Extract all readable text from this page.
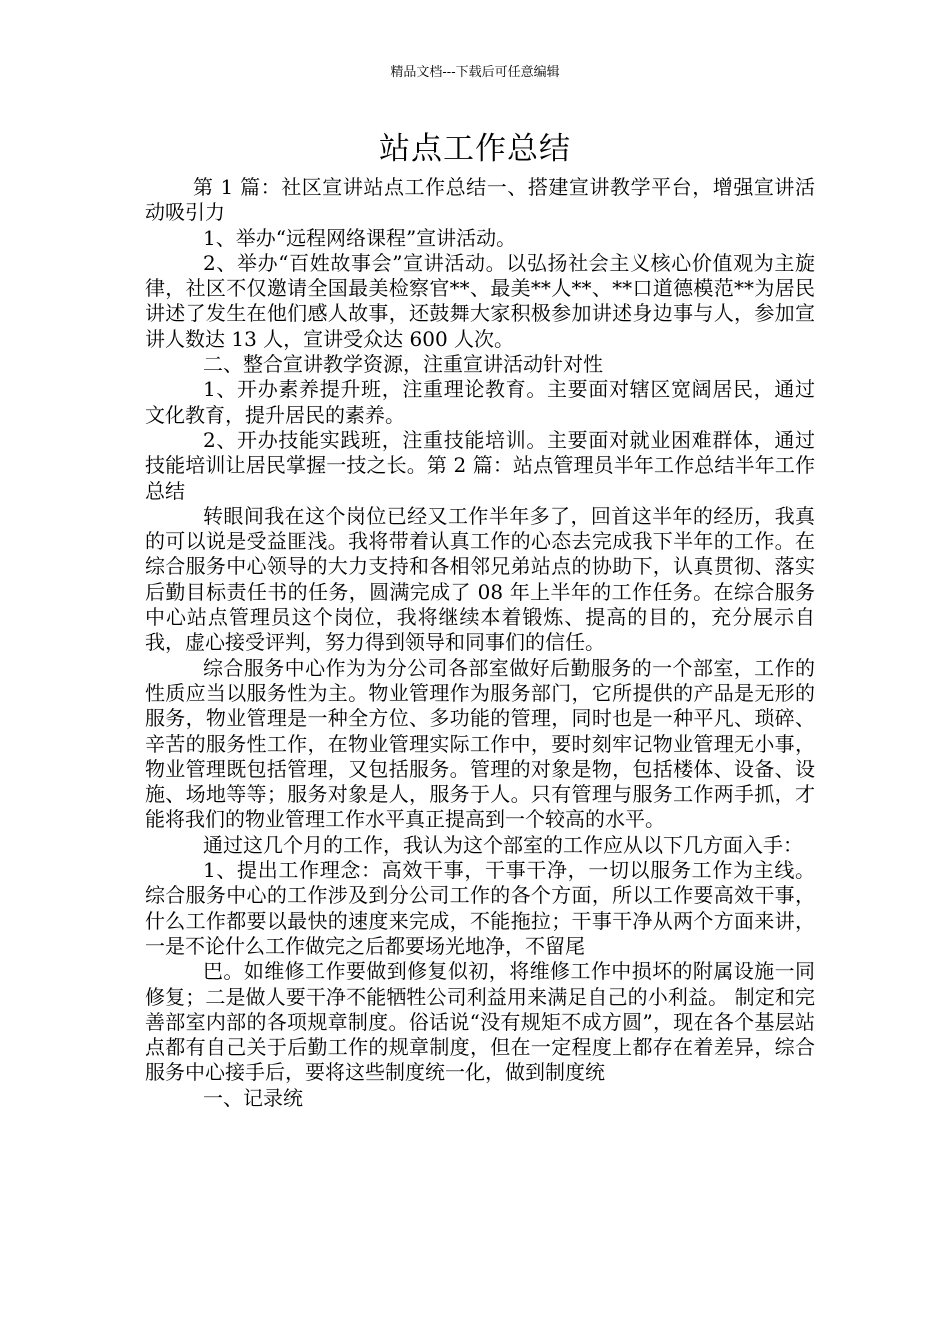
精品文档---下载后可任意编辑
站点工作总结

第 1 篇：社区宣讲站点工作总结一、搭建宣讲教学平台，增强宣讲活动吸引力

1、举办“远程网络课程”宣讲活动。

2、举办“百姓故事会”宣讲活动。以弘扬社会主义核心价值观为主旋律，社区不仅邀请全国最美检察官**、最美**人**、**口道德模范**为居民讲述了发生在他们感人故事，还鼓舞大家积极参加讲述身边事与人，参加宣讲人数达 13 人，宣讲受众达 600 人次。

二、整合宣讲教学资源，注重宣讲活动针对性

1、开办素养提升班，注重理论教育。主要面对辖区宽阔居民，通过文化教育，提升居民的素养。

2、开办技能实践班，注重技能培训。主要面对就业困难群体，通过技能培训让居民掌握一技之长。第 2 篇：站点管理员半年工作总结半年工作总结

转眼间我在这个岗位已经又工作半年多了，回首这半年的经历，我真的可以说是受益匪浅。我将带着认真工作的心态去完成我下半年的工作。在综合服务中心领导的大力支持和各相邻兄弟站点的协助下，认真贯彻、落实后勤目标责任书的任务，圆满完成了 08 年上半年的工作任务。在综合服务中心站点管理员这个岗位，我将继续本着锻炼、提高的目的，充分展示自我，虚心接受评判，努力得到领导和同事们的信任。

综合服务中心作为为分公司各部室做好后勤服务的一个部室，工作的性质应当以服务性为主。物业管理作为服务部门，它所提供的产品是无形的服务，物业管理是一种全方位、多功能的管理，同时也是一种平凡、琐碎、辛苦的服务性工作，在物业管理实际工作中，要时刻牢记物业管理无小事，物业管理既包括管理，又包括服务。管理的对象是物，包括楼体、设备、设施、场地等等；服务对象是人，服务于人。只有管理与服务工作两手抓，才能将我们的物业管理工作水平真正提高到一个较高的水平。

通过这几个月的工作，我认为这个部室的工作应从以下几方面入手：

1、提出工作理念：高效干事，干事干净，一切以服务工作为主线。综合服务中心的工作涉及到分公司工作的各个方面，所以工作要高效干事，什么工作都要以最快的速度来完成，不能拖拉；干事干净从两个方面来讲，一是不论什么工作做完之后都要场光地净，不留尾

巴。如维修工作要做到修复似初，将维修工作中损坏的附属设施一同修复；二是做人要干净不能牺牲公司利益用来满足自己的小利益。 制定和完善部室内部的各项规章制度。俗话说“没有规矩不成方圆”，现在各个基层站点都有自己关于后勤工作的规章制度，但在一定程度上都存在着差异，综合服务中心接手后，要将这些制度统一化，做到制度统

一、记录统
